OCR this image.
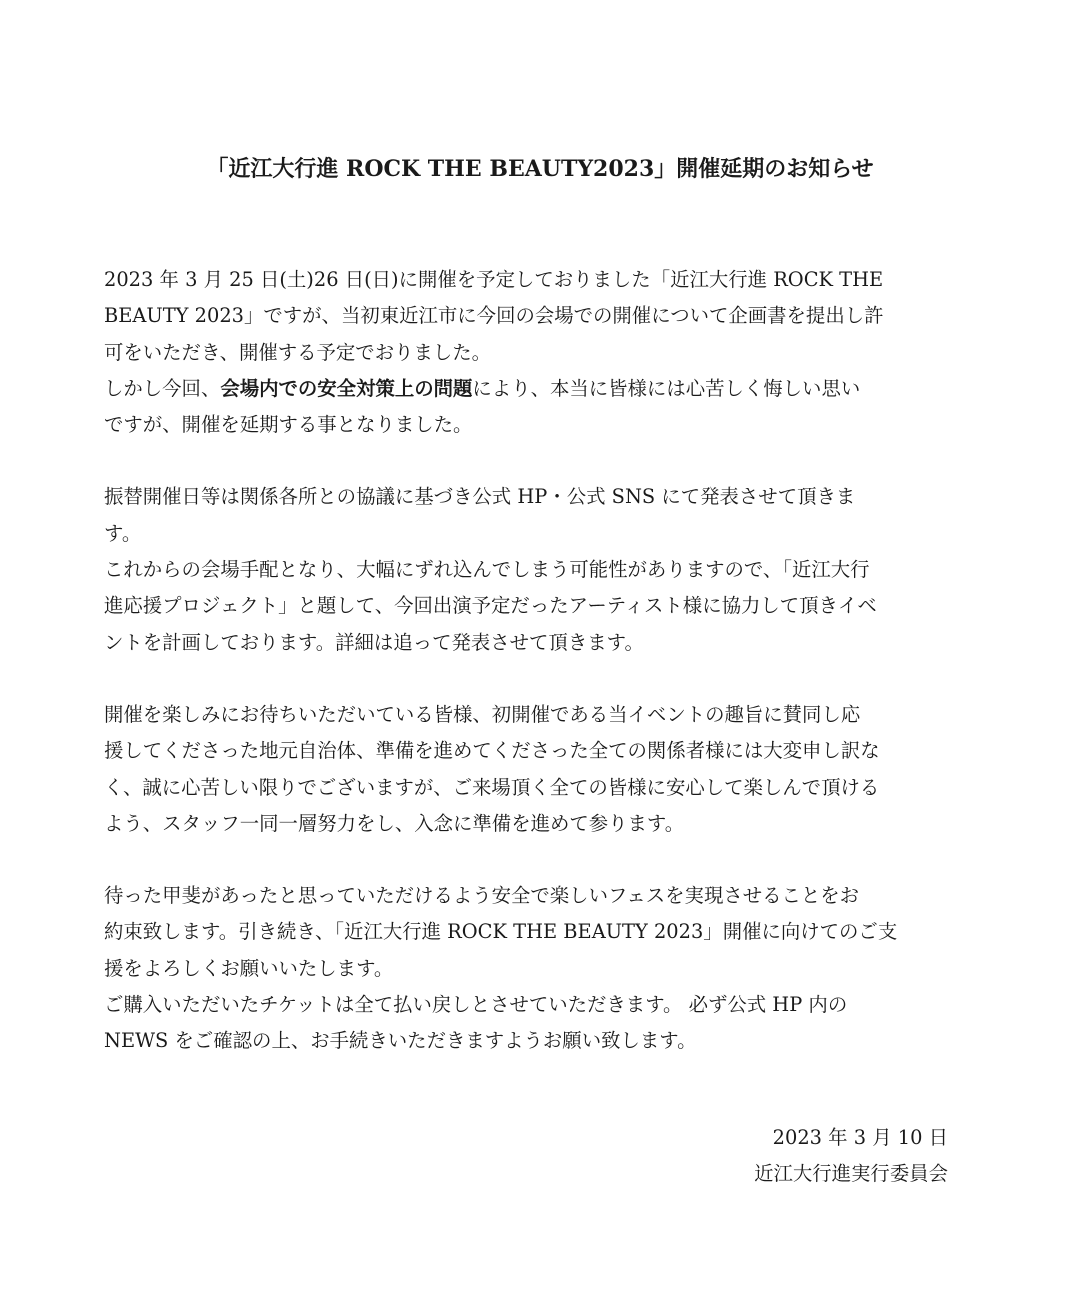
「近江大行進 ROCK THE BEAUTY2023」開催延期のお知らせ

2023 年 3 月 25 日(土)26 日(日)に開催を予定しておりました「近江大行進 ROCK THE
BEAUTY 2023」ですが、当初東近江市に今回の会場での開催について企画書を提出し許
可をいただき、開催する予定でおりました。
しかし今回、会場内での安全対策上の問題により、本当に皆様には心苦しく悔しい思い
ですが、開催を延期する事となりました。

振替開催日等は関係各所との協議に基づき公式 HP・公式 SNS にて発表させて頂きま
す。
これからの会場手配となり、大幅にずれ込んでしまう可能性がありますので、「近江大行
進応援プロジェクト」と題して、今回出演予定だったアーティスト様に協力して頂きイベ
ントを計画しております。詳細は追って発表させて頂きます。

開催を楽しみにお待ちいただいている皆様、初開催である当イベントの趣旨に賛同し応
援してくださった地元自治体、準備を進めてくださった全ての関係者様には大変申し訳な
く、誠に心苦しい限りでございますが、ご来場頂く全ての皆様に安心して楽しんで頂ける
よう、スタッフ一同一層努力をし、入念に準備を進めて参ります。

待った甲斐があったと思っていただけるよう安全で楽しいフェスを実現させることをお
約束致します。引き続き、「近江大行進 ROCK THE BEAUTY 2023」開催に向けてのご支
援をよろしくお願いいたします。
ご購入いただいたチケットは全て払い戻しとさせていただきます。 必ず公式 HP 内の
NEWS をご確認の上、お手続きいただきますようお願い致します。

2023 年 3 月 10 日
近江大行進実行委員会
